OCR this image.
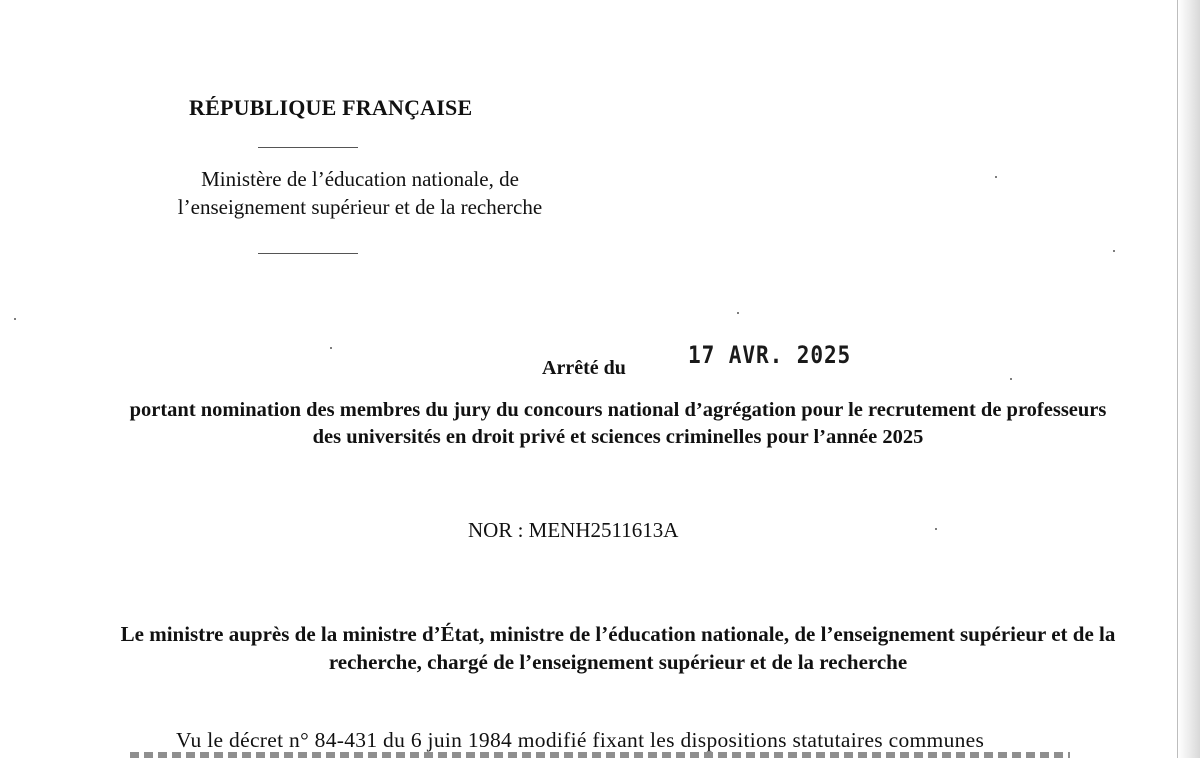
RÉPUBLIQUE FRANÇAISE
Ministère de l’éducation nationale, de
l’enseignement supérieur et de la recherche
Arrêté du	17 AVR. 2025
portant nomination des membres du jury du concours national d’agrégation pour le recrutement de professeurs des universités en droit privé et sciences criminelles pour l’année 2025
NOR : MENH2511613A
Le ministre auprès de la ministre d’État, ministre de l’éducation nationale, de l’enseignement supérieur et de la recherche, chargé de l’enseignement supérieur et de la recherche
Vu le décret n° 84-431 du 6 juin 1984 modifié fixant les dispositions statutaires communes
